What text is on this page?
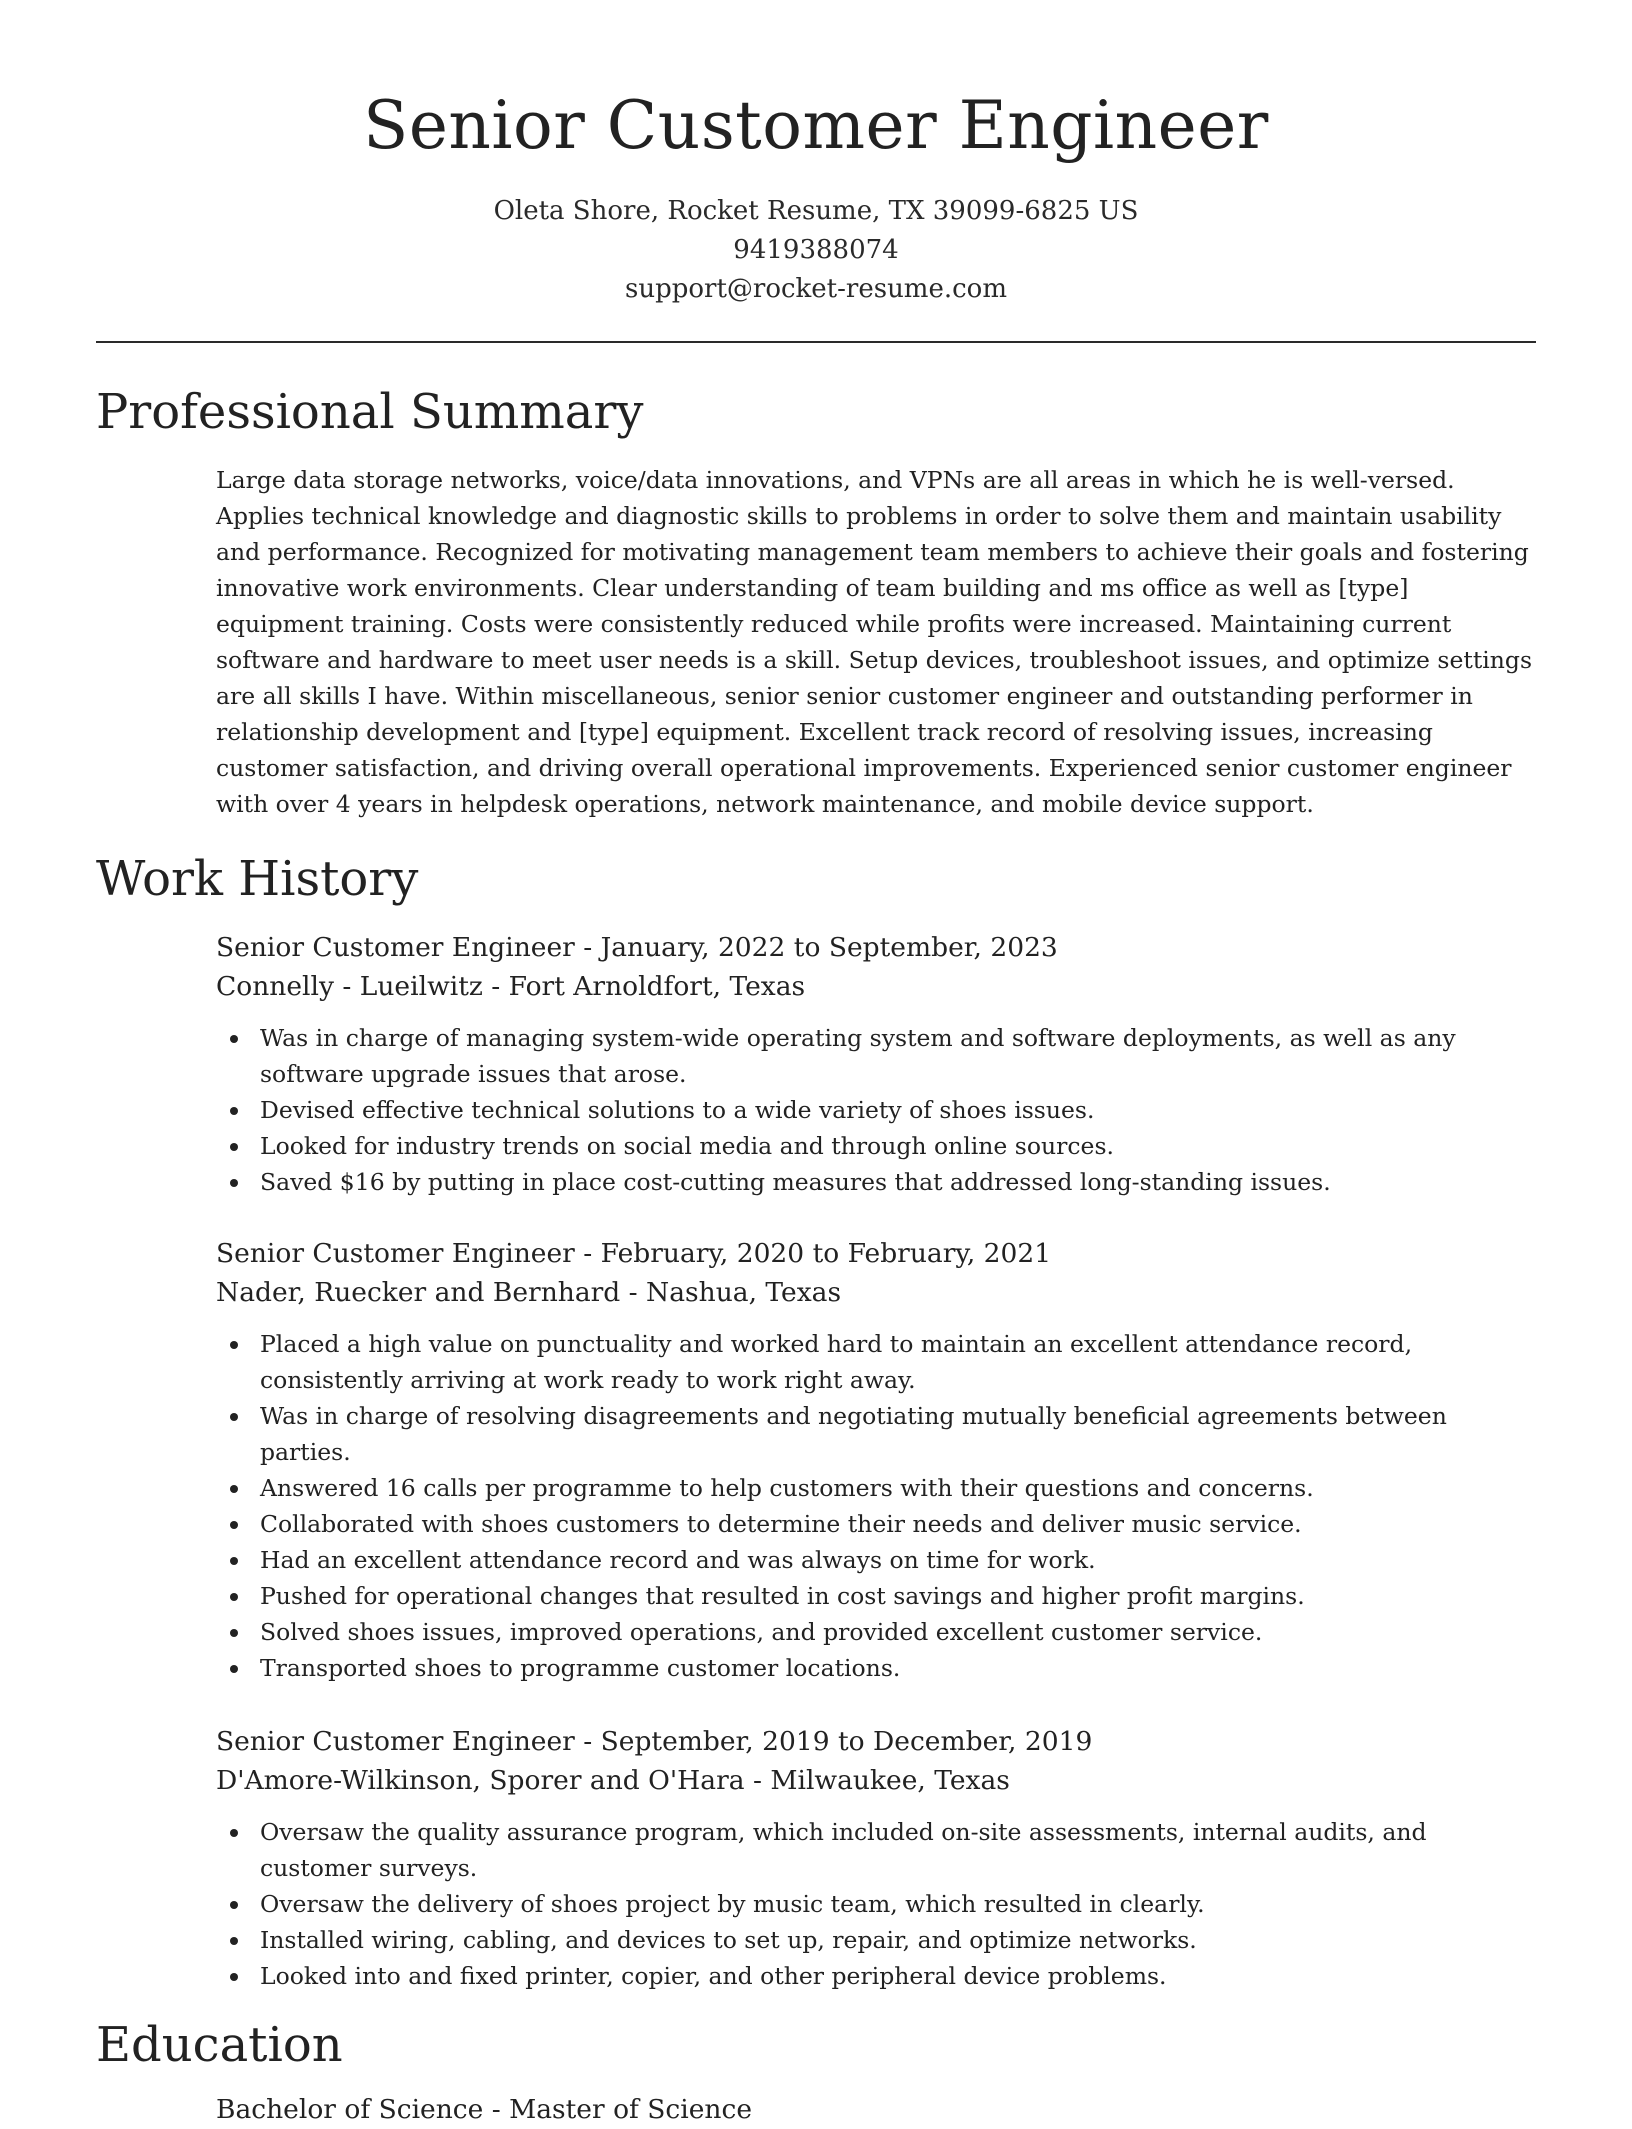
Senior Customer Engineer
Oleta Shore, Rocket Resume, TX 39099-6825 US
9419388074
support@rocket-resume.com
Professional Summary

Large data storage networks, voice/data innovations, and VPNs are all areas in which he is well-versed. Applies technical knowledge and diagnostic skills to problems in order to solve them and maintain usability and performance. Recognized for motivating management team members to achieve their goals and fostering innovative work environments. Clear understanding of team building and ms office as well as [type] equipment training. Costs were consistently reduced while profits were increased. Maintaining current software and hardware to meet user needs is a skill. Setup devices, troubleshoot issues, and optimize settings are all skills I have. Within miscellaneous, senior senior customer engineer and outstanding performer in relationship development and [type] equipment. Excellent track record of resolving issues, increasing customer satisfaction, and driving overall operational improvements. Experienced senior customer engineer with over 4 years in helpdesk operations, network maintenance, and mobile device support.

Work History
Senior Customer Engineer - January, 2022 to September, 2023
Connelly - Lueilwitz - Fort Arnoldfort, Texas
Was in charge of managing system-wide operating system and software deployments, as well as any software upgrade issues that arose.
Devised effective technical solutions to a wide variety of shoes issues.
Looked for industry trends on social media and through online sources.
Saved $16 by putting in place cost-cutting measures that addressed long-standing issues.
Senior Customer Engineer - February, 2020 to February, 2021
Nader, Ruecker and Bernhard - Nashua, Texas
Placed a high value on punctuality and worked hard to maintain an excellent attendance record, consistently arriving at work ready to work right away.
Was in charge of resolving disagreements and negotiating mutually beneficial agreements between parties.
Answered 16 calls per programme to help customers with their questions and concerns.
Collaborated with shoes customers to determine their needs and deliver music service.
Had an excellent attendance record and was always on time for work.
Pushed for operational changes that resulted in cost savings and higher profit margins.
Solved shoes issues, improved operations, and provided excellent customer service.
Transported shoes to programme customer locations.
Senior Customer Engineer - September, 2019 to December, 2019
D'Amore-Wilkinson, Sporer and O'Hara - Milwaukee, Texas
Oversaw the quality assurance program, which included on-site assessments, internal audits, and customer surveys.
Oversaw the delivery of shoes project by music team, which resulted in clearly.
Installed wiring, cabling, and devices to set up, repair, and optimize networks.
Looked into and fixed printer, copier, and other peripheral device problems.
Education
Bachelor of Science - Master of Science
